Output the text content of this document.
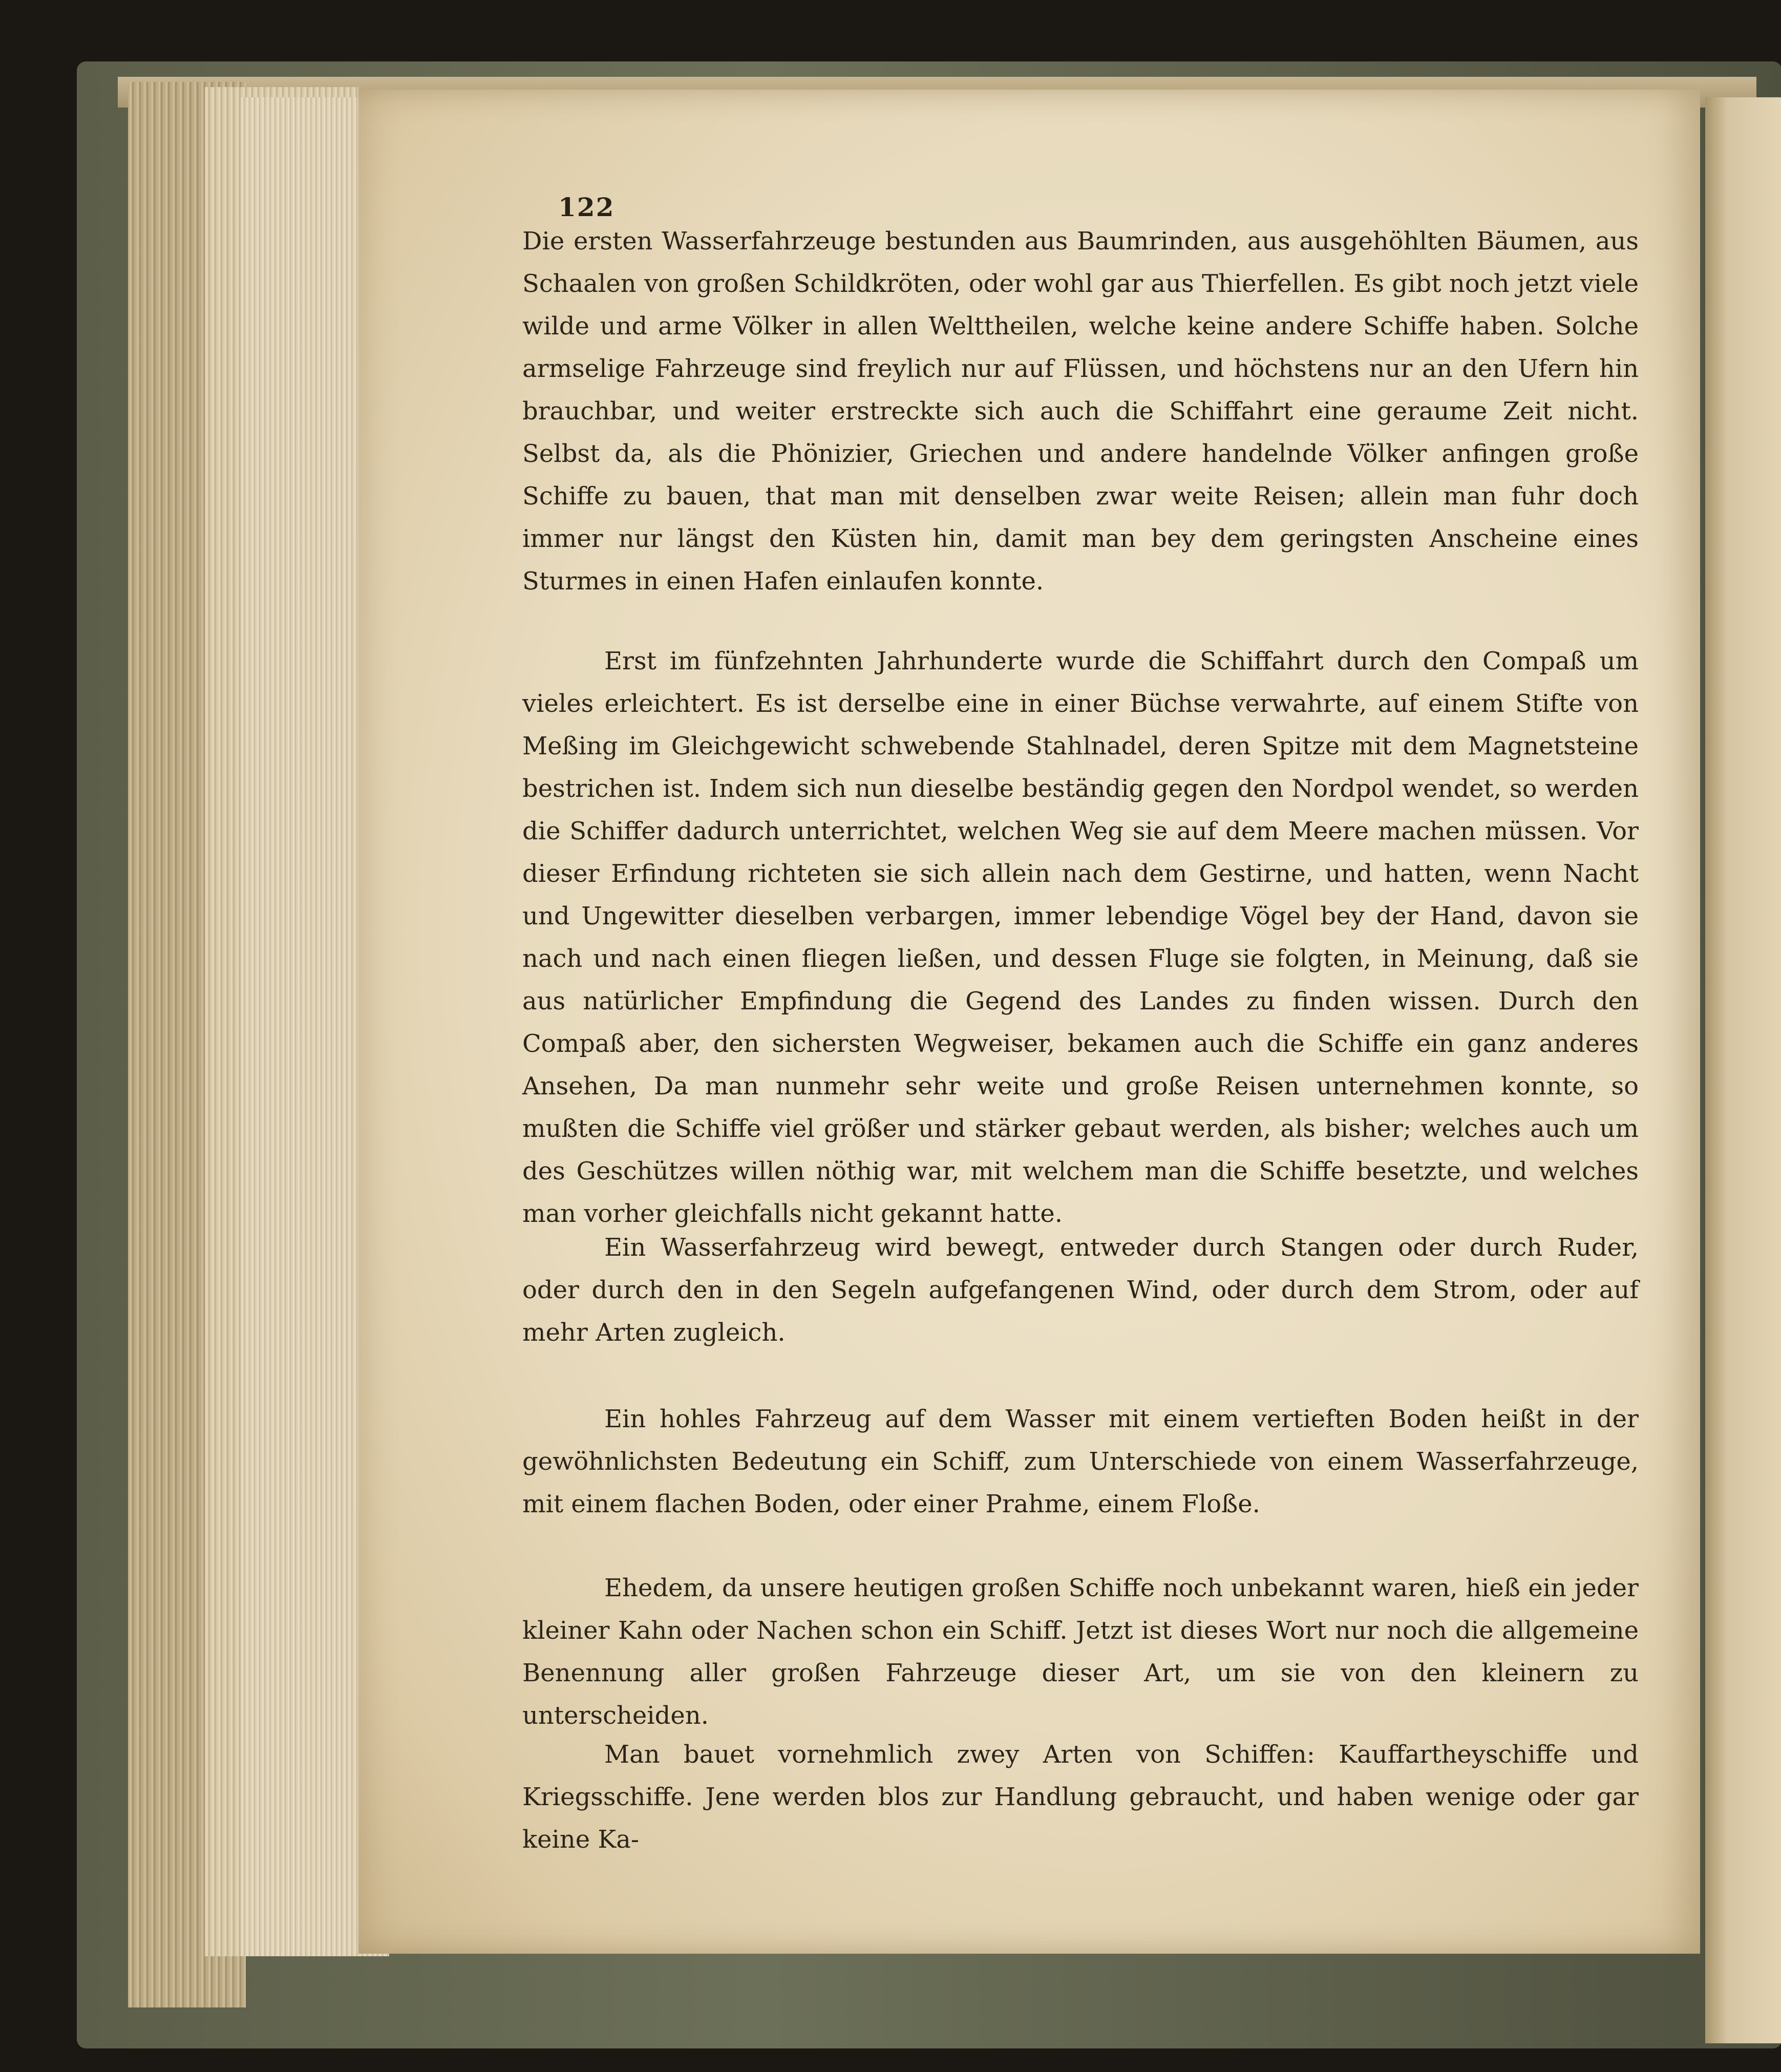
122
Die ersten Wasserfahrzeuge bestunden aus Baumrinden, aus ausgehöhlten Bäumen, aus Schaalen von großen Schildkröten, oder wohl gar aus Thierfellen. Es gibt noch jetzt viele wilde und arme Völker in allen Welttheilen, welche keine andere Schiffe haben. Solche armselige Fahrzeuge sind freylich nur auf Flüssen, und höchstens nur an den Ufern hin brauchbar, und weiter erstreckte sich auch die Schiffahrt eine geraume Zeit nicht. Selbst da, als die Phönizier, Griechen und andere handelnde Völker anfingen große Schiffe zu bauen, that man mit denselben zwar weite Reisen; allein man fuhr doch immer nur längst den Küsten hin, damit man bey dem geringsten Anscheine eines Sturmes in einen Hafen einlaufen konnte.
Erst im fünfzehnten Jahrhunderte wurde die Schiffahrt durch den Compaß um vieles erleichtert. Es ist derselbe eine in einer Büchse verwahrte, auf einem Stifte von Meßing im Gleichgewicht schwebende Stahlnadel, deren Spitze mit dem Magnetsteine bestrichen ist. Indem sich nun dieselbe beständig gegen den Nordpol wendet, so werden die Schiffer dadurch unterrichtet, welchen Weg sie auf dem Meere machen müssen. Vor dieser Erfindung richteten sie sich allein nach dem Gestirne, und hatten, wenn Nacht und Ungewitter dieselben verbargen, immer lebendige Vögel bey der Hand, davon sie nach und nach einen fliegen ließen, und dessen Fluge sie folgten, in Meinung, daß sie aus natürlicher Empfindung die Gegend des Landes zu finden wissen. Durch den Compaß aber, den sichersten Wegweiser, bekamen auch die Schiffe ein ganz anderes Ansehen, Da man nunmehr sehr weite und große Reisen unternehmen konnte, so mußten die Schiffe viel größer und stärker gebaut werden, als bisher; welches auch um des Geschützes willen nöthig war, mit welchem man die Schiffe besetzte, und welches man vorher gleichfalls nicht gekannt hatte.
Ein Wasserfahrzeug wird bewegt, entweder durch Stangen oder durch Ruder, oder durch den in den Segeln aufgefangenen Wind, oder durch dem Strom, oder auf mehr Arten zugleich.
Ein hohles Fahrzeug auf dem Wasser mit einem vertieften Boden heißt in der gewöhnlichsten Bedeutung ein Schiff, zum Unterschiede von einem Wasserfahrzeuge, mit einem flachen Boden, oder einer Prahme, einem Floße.
Ehedem, da unsere heutigen großen Schiffe noch unbekannt waren, hieß ein jeder kleiner Kahn oder Nachen schon ein Schiff. Jetzt ist dieses Wort nur noch die allgemeine Benennung aller großen Fahrzeuge dieser Art, um sie von den kleinern zu unterscheiden.
Man bauet vornehmlich zwey Arten von Schiffen: Kauffartheyschiffe und Kriegsschiffe. Jene werden blos zur Handlung gebraucht, und haben wenige oder gar keine Ka-
